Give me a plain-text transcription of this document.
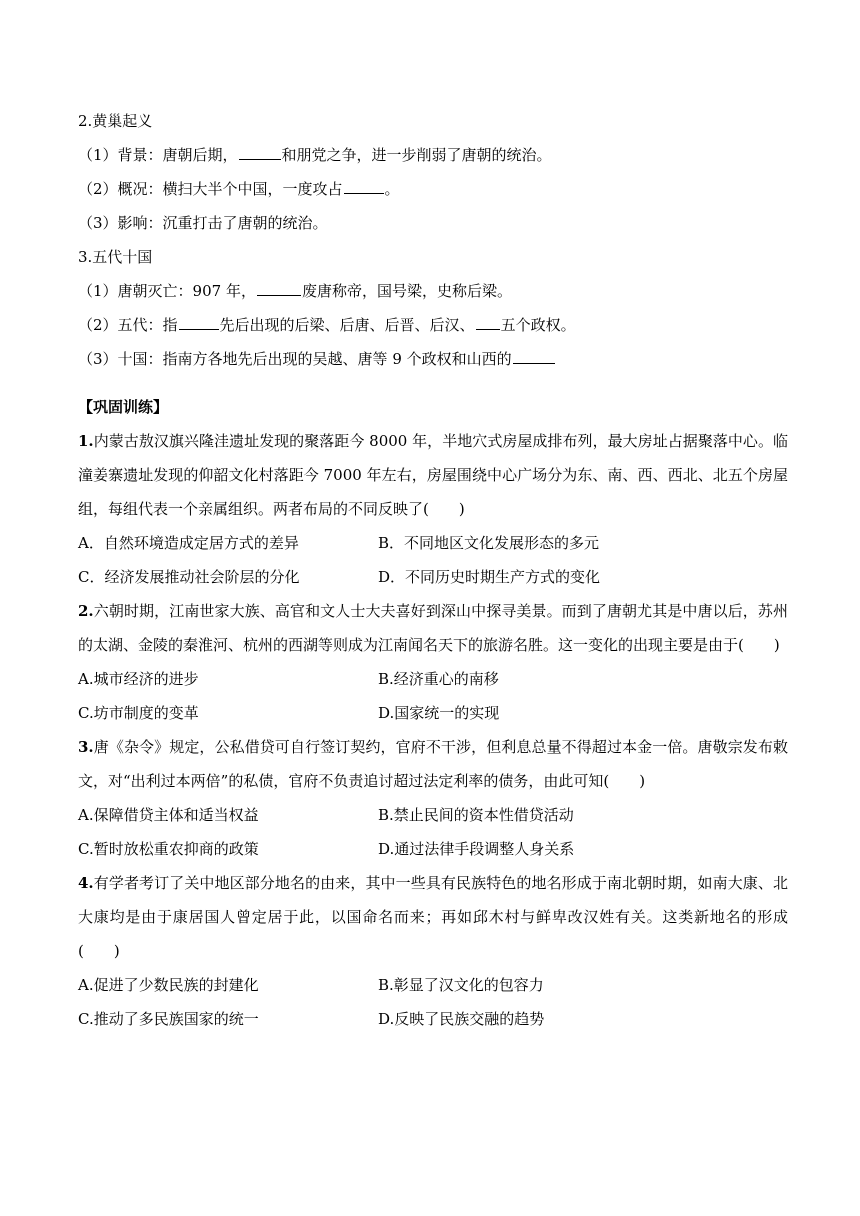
2.黄巢起义
（1）背景：唐朝后期，	和朋党之争，进一步削弱了唐朝的统治。
（2）概况：横扫大半个中国，一度攻占	。
（3）影响：沉重打击了唐朝的统治。
3.五代十国
（1）唐朝灭亡：907 年，	废唐称帝，国号梁，史称后梁。
（2）五代：指	先后出现的后梁、后唐、后晋、后汉、 五个政权。
（3）十国：指南方各地先后出现的吴越、唐等 9 个政权和山西的
【巩固训练】
1.内蒙古敖汉旗兴隆洼遗址发现的聚落距今 8000 年，半地穴式房屋成排布列，最大房址占据聚落中心。临潼姜寨遗址发现的仰韶文化村落距今 7000 年左右，房屋围绕中心广场分为东、南、西、西北、北五个房屋组，每组代表一个亲属组织。两者布局的不同反映了(　　)
A．自然环境造成定居方式的差异	B．不同地区文化发展形态的多元
C．经济发展推动社会阶层的分化	D．不同历史时期生产方式的变化
2.六朝时期，江南世家大族、高官和文人士大夫喜好到深山中探寻美景。而到了唐朝尤其是中唐以后，苏州的太湖、金陵的秦淮河、杭州的西湖等则成为江南闻名天下的旅游名胜。这一变化的出现主要是由于(　　)
A.城市经济的进步	B.经济重心的南移
C.坊市制度的变革	D.国家统一的实现
3.唐《杂令》规定，公私借贷可自行签订契约，官府不干涉，但利息总量不得超过本金一倍。唐敬宗发布敕文，对“出利过本两倍”的私债，官府不负责追讨超过法定利率的债务，由此可知(　　)
A.保障借贷主体和适当权益	B.禁止民间的资本性借贷活动
C.暂时放松重农抑商的政策	D.通过法律手段调整人身关系
4.有学者考订了关中地区部分地名的由来，其中一些具有民族特色的地名形成于南北朝时期，如南大康、北大康均是由于康居国人曾定居于此，以国命名而来；再如邱木村与鲜卑改汉姓有关。这类新地名的形成(　　)
A.促进了少数民族的封建化	B.彰显了汉文化的包容力
C.推动了多民族国家的统一	D.反映了民族交融的趋势
